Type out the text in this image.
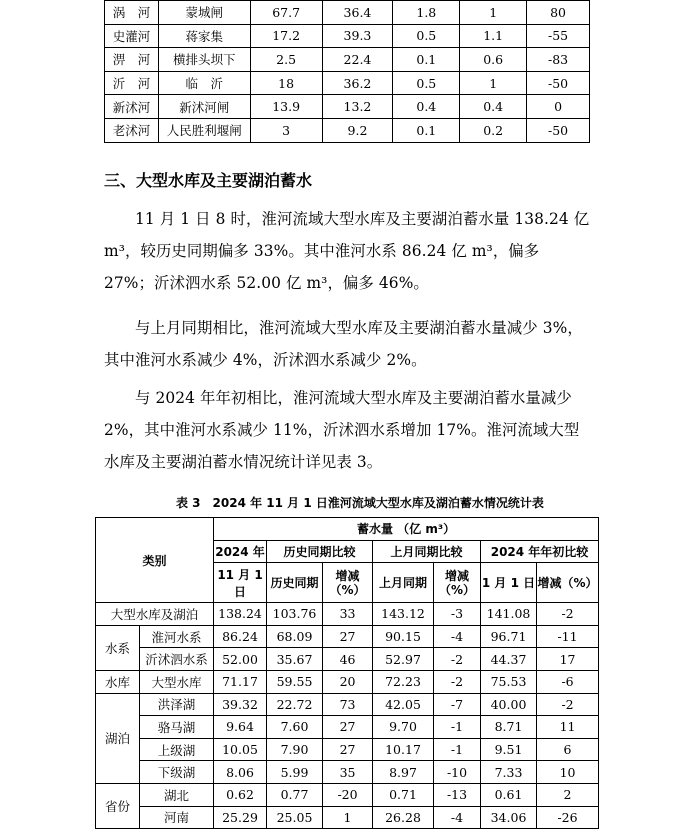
涡　河	蒙城闸	67.7	36.4	1.8	1	80
史灌河	蒋家集	17.2	39.3	0.5	1.1	-55
淠　河	横排头坝下	2.5	22.4	0.1	0.6	-83
沂　河	临　沂	18	36.2	0.5	1	-50
新沭河	新沭河闸	13.9	13.2	0.4	0.4	0
老沭河	人民胜利堰闸	3	9.2	0.1	0.2	-50
三、大型水库及主要湖泊蓄水

11 月 1 日 8 时，淮河流域大型水库及主要湖泊蓄水量 138.24 亿 m³，较历史同期偏多 33%。其中淮河水系 86.24 亿 m³，偏多 27%；沂沭泗水系 52.00 亿 m³，偏多 46%。

与上月同期相比，淮河流域大型水库及主要湖泊蓄水量减少 3%，其中淮河水系减少 4%，沂沭泗水系减少 2%。

与 2024 年年初相比，淮河流域大型水库及主要湖泊蓄水量减少 2%，其中淮河水系减少 11%，沂沭泗水系增加 17%。淮河流域大型水库及主要湖泊蓄水情况统计详见表 3。

表 3　2024 年 11 月 1 日淮河流域大型水库及湖泊蓄水情况统计表
类别		蓄水量 （亿 m³）						
		2024 年	历史同期比较		上月同期比较		2024 年年初比较	
		11 月 1 日	历史同期	增减（%）	上月同期	增减（%）	1 月 1 日	增减（%）
大型水库及湖泊		138.24	103.76	33	143.12	-3	141.08	-2
水系	淮河水系	86.24	68.09	27	90.15	-4	96.71	-11
	沂沭泗水系	52.00	35.67	46	52.97	-2	44.37	17
水库	大型水库	71.17	59.55	20	72.23	-2	75.53	-6
湖泊	洪泽湖	39.32	22.72	73	42.05	-7	40.00	-2
	骆马湖	9.64	7.60	27	9.70	-1	8.71	11
	上级湖	10.05	7.90	27	10.17	-1	9.51	6
	下级湖	8.06	5.99	35	8.97	-10	7.33	10
省份	湖北	0.62	0.77	-20	0.71	-13	0.61	2
	河南	25.29	25.05	1	26.28	-4	34.06	-26
